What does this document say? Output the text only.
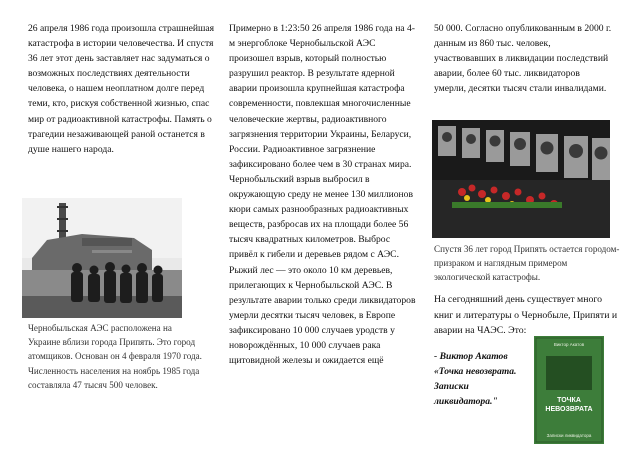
26 апреля 1986 года произошла страшнейшая катастрофа в истории человечества. И спустя 36 лет этот день заставляет нас задуматься о возможных последствиях деятельности человека, о нашем неоплатном долге перед теми, кто, рискуя собственной жизнью, спас мир от радиоактивной катастрофы. Память о трагедии незаживающей раной останется в душе нашего народа.
Чернобыльская АЭС расположена на Украине вблизи города Припять. Это город атомщиков. Основан он 4 февраля 1970 года. Численность населения на ноябрь 1985 года составляла 47 тысяч 500 человек.
Примерно в 1:23:50 26 апреля 1986 года на 4-м энергоблоке Чернобыльской АЭС произошел взрыв, который полностью разрушил реактор. В результате ядерной аварии произошла крупнейшая катастрофа современности, повлекшая многочисленные человеческие жертвы, радиоактивного загрязнения территории Украины, Беларуси, России. Радиоактивное загрязнение зафиксировано более чем в 30 странах мира. Чернобыльский взрыв выбросил в окружающую среду не менее 130 миллионов кюри самых разнообразных радиоактивных веществ, разбросав их на площади более 56 тысяч квадратных километров. Выброс привёл к гибели и деревьев рядом с АЭС. Рыжий лес — это около 10 км деревьев, прилегающих к Чернобыльской АЭС. В результате аварии только среди ликвидаторов умерли десятки тысяч человек, в Европе зафиксировано 10 000 случаев уродств у новорождённых, 10 000 случаев рака щитовидной железы и ожидается ещё
50 000. Согласно опубликованным в 2000 г. данным из 860 тыс. человек, участвовавших в ликвидации последствий аварии, более 60 тыс. ликвидаторов умерли, десятки тысяч стали инвалидами.
Спустя 36 лет город Припять остается городом-призраком и наглядным примером экологической катастрофы.
На сегодняшний день существует много книг и литературы о Чернобыле, Припяти и аварии на ЧАЭС. Это:
- Виктор Акатов
«Точка невозврата. Записки ликвидатора."
Виктор Акатов
ТОЧКА
НЕВОЗВРАТА
Записки ликвидатора
